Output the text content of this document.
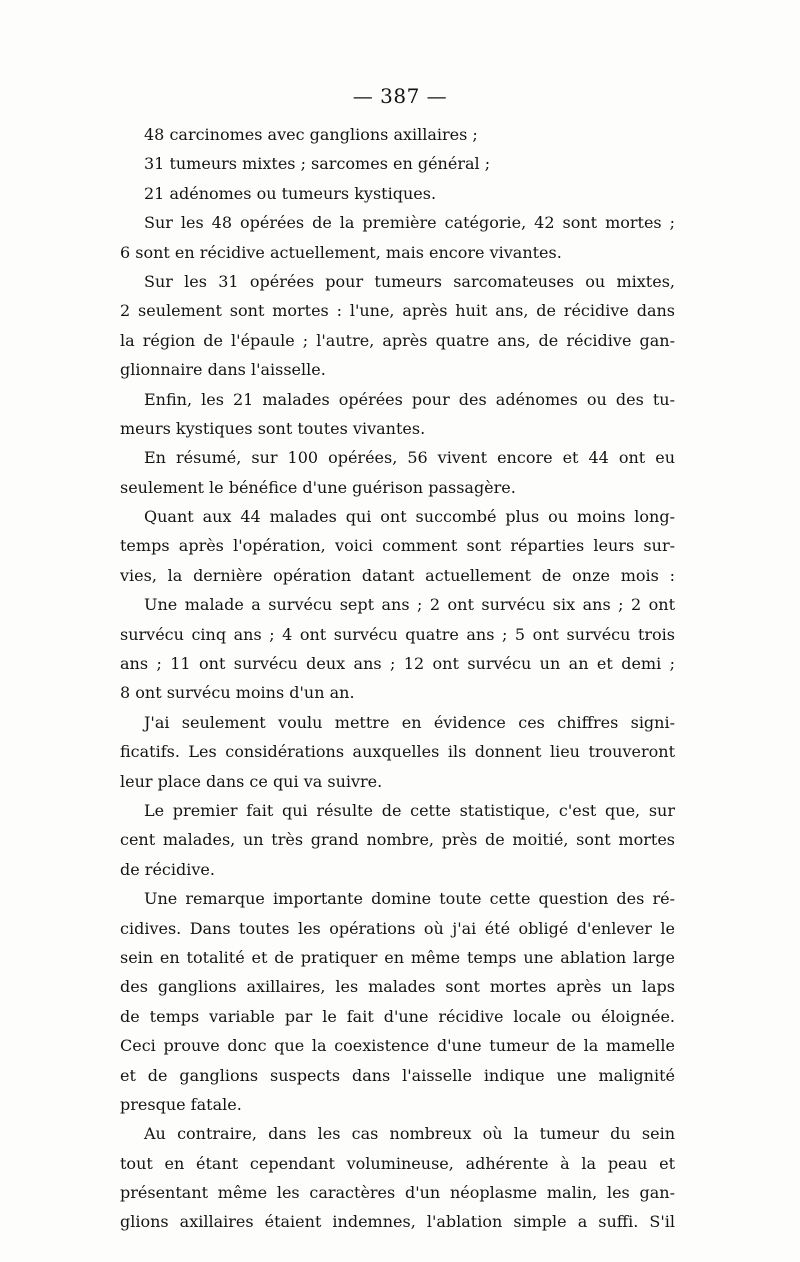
— 387 —
48 carcinomes avec ganglions axillaires ;
31 tumeurs mixtes ; sarcomes en général ;
21 adénomes ou tumeurs kystiques.
Sur les 48 opérées de la première catégorie, 42 sont mortes ;
6 sont en récidive actuellement, mais encore vivantes.
Sur les 31 opérées pour tumeurs sarcomateuses ou mixtes,
2 seulement sont mortes : l'une, après huit ans, de récidive dans
la région de l'épaule ; l'autre, après quatre ans, de récidive gan-
glionnaire dans l'aisselle.
Enfin, les 21 malades opérées pour des adénomes ou des tu-
meurs kystiques sont toutes vivantes.
En résumé, sur 100 opérées, 56 vivent encore et 44 ont eu
seulement le bénéfice d'une guérison passagère.
Quant aux 44 malades qui ont succombé plus ou moins long-
temps après l'opération, voici comment sont réparties leurs sur-
vies, la dernière opération datant actuellement de onze mois :
Une malade a survécu sept ans ; 2 ont survécu six ans ; 2 ont
survécu cinq ans ; 4 ont survécu quatre ans ; 5 ont survécu trois
ans ; 11 ont survécu deux ans ; 12 ont survécu un an et demi ;
8 ont survécu moins d'un an.
J'ai seulement voulu mettre en évidence ces chiffres signi-
ficatifs. Les considérations auxquelles ils donnent lieu trouveront
leur place dans ce qui va suivre.
Le premier fait qui résulte de cette statistique, c'est que, sur
cent malades, un très grand nombre, près de moitié, sont mortes
de récidive.
Une remarque importante domine toute cette question des ré-
cidives. Dans toutes les opérations où j'ai été obligé d'enlever le
sein en totalité et de pratiquer en même temps une ablation large
des ganglions axillaires, les malades sont mortes après un laps
de temps variable par le fait d'une récidive locale ou éloignée.
Ceci prouve donc que la coexistence d'une tumeur de la mamelle
et de ganglions suspects dans l'aisselle indique une malignité
presque fatale.
Au contraire, dans les cas nombreux où la tumeur du sein
tout en étant cependant volumineuse, adhérente à la peau et
présentant même les caractères d'un néoplasme malin, les gan-
glions axillaires étaient indemnes, l'ablation simple a suffi. S'il
